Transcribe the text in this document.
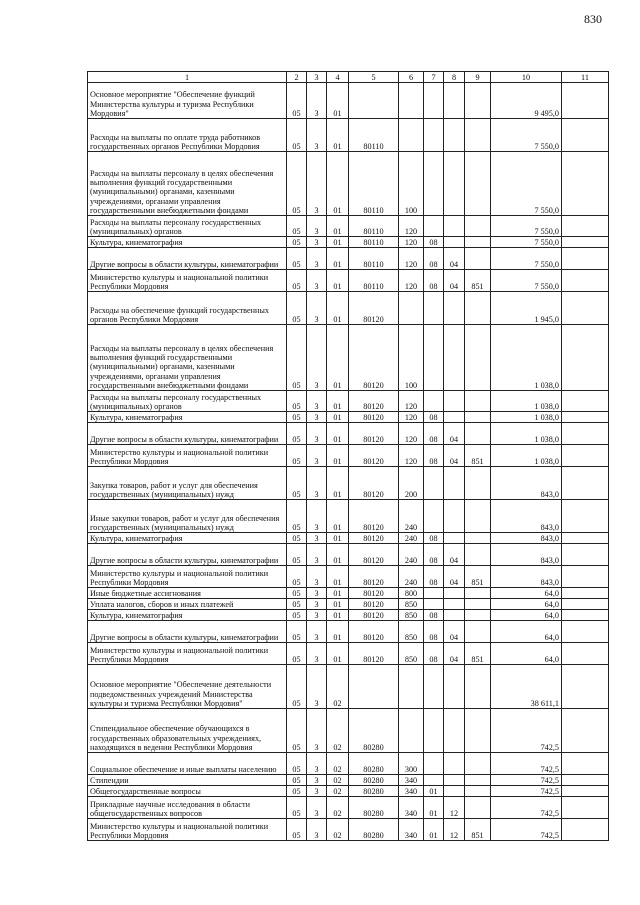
830
1	2	3	4	5	6	7	8	9	10	11
Основное мероприятие "Обеспечение функций Министерства культуры и туризма Республики Мордовия"	05	3	01						9 495,0	
Расходы на выплаты по оплате труда работников государственных органов Республики Мордовия	05	3	01	80110					7 550,0	
Расходы на выплаты персоналу в целях обеспечения выполнения функций государственными (муниципальными) органами, казенными учреждениями, органами управления государственными внебюджетными фондами	05	3	01	80110	100				7 550,0	
Расходы на выплаты персоналу государственных (муниципальных) органов	05	3	01	80110	120				7 550,0	
Культура, кинематография	05	3	01	80110	120	08			7 550,0	
Другие вопросы в области культуры, кинематографии	05	3	01	80110	120	08	04		7 550,0	
Министерство культуры и национальной политики Республики Мордовия	05	3	01	80110	120	08	04	851	7 550,0	
Расходы на обеспечение функций государственных органов Республики Мордовия	05	3	01	80120					1 945,0	
Расходы на выплаты персоналу в целях обеспечения выполнения функций государственными (муниципальными) органами, казенными учреждениями, органами управления государственными внебюджетными фондами	05	3	01	80120	100				1 038,0	
Расходы на выплаты персоналу государственных (муниципальных) органов	05	3	01	80120	120				1 038,0	
Культура, кинематография	05	3	01	80120	120	08			1 038,0	
Другие вопросы в области культуры, кинематографии	05	3	01	80120	120	08	04		1 038,0	
Министерство культуры и национальной политики Республики Мордовия	05	3	01	80120	120	08	04	851	1 038,0	
Закупка товаров, работ и услуг для обеспечения государственных (муниципальных) нужд	05	3	01	80120	200				843,0	
Иные закупки товаров, работ и услуг для обеспечения государственных (муниципальных) нужд	05	3	01	80120	240				843,0	
Культура, кинематография	05	3	01	80120	240	08			843,0	
Другие вопросы в области культуры, кинематографии	05	3	01	80120	240	08	04		843,0	
Министерство культуры и национальной политики Республики Мордовия	05	3	01	80120	240	08	04	851	843,0	
Иные бюджетные ассигнования	05	3	01	80120	800				64,0	
Уплата налогов, сборов и иных платежей	05	3	01	80120	850				64,0	
Культура, кинематография	05	3	01	80120	850	08			64,0	
Другие вопросы в области культуры, кинематографии	05	3	01	80120	850	08	04		64,0	
Министерство культуры и национальной политики Республики Мордовия	05	3	01	80120	850	08	04	851	64,0	
Основное мероприятие "Обеспечение деятельности подведомственных учреждений Министерства культуры и туризма Республики Мордовия"	05	3	02						38 611,1	
Стипендиальное обеспечение обучающихся в государственных образовательных учреждениях, находящихся в ведении Республики Мордовия	05	3	02	80280					742,5	
Социальное обеспечение и иные выплаты населению	05	3	02	80280	300				742,5	
Стипендии	05	3	02	80280	340				742,5	
Общегосударственные вопросы	05	3	02	80280	340	01			742,5	
Прикладные научные исследования в области общегосударственных вопросов	05	3	02	80280	340	01	12		742,5	
Министерство культуры и национальной политики Республики Мордовия	05	3	02	80280	340	01	12	851	742,5	
